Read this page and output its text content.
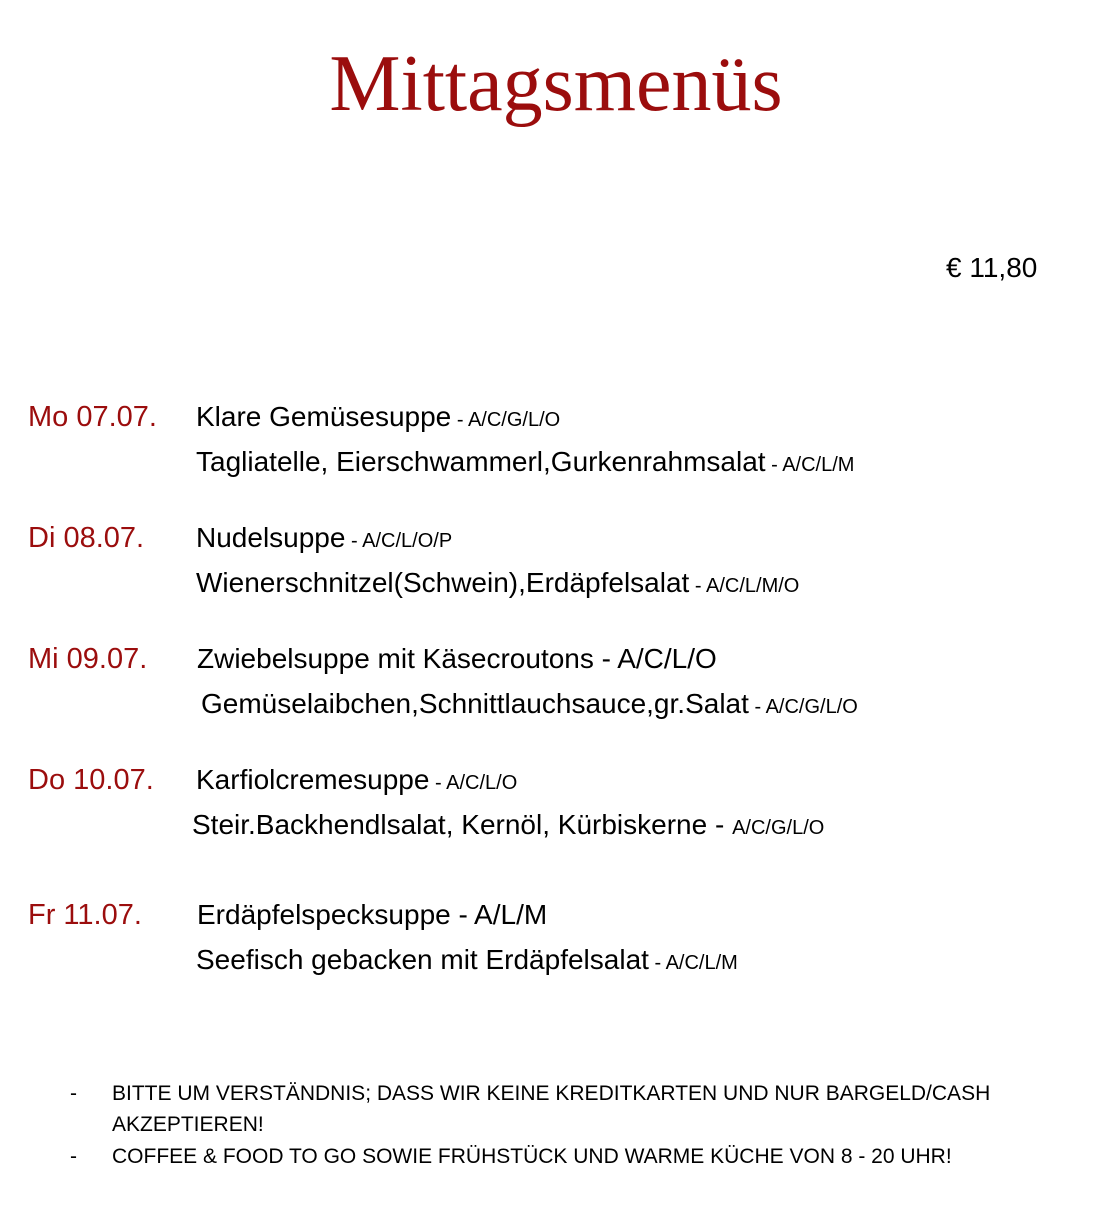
Mittagsmenüs
€ 11,80
Mo 07.07. Klare Gemüsesuppe - A/C/G/L/O
Tagliatelle, Eierschwammerl,Gurkenrahmsalat - A/C/L/M
Di 08.07. Nudelsuppe - A/C/L/O/P
Wienerschnitzel(Schwein),Erdäpfelsalat - A/C/L/M/O
Mi 09.07. Zwiebelsuppe mit Käsecroutons - A/C/L/O
Gemüselaibchen,Schnittlauchsauce,gr.Salat - A/C/G/L/O
Do 10.07. Karfiolcremesuppe - A/C/L/O
Steir.Backhendlsalat, Kernöl, Kürbiskerne - A/C/G/L/O
Fr 11.07. Erdäpfelspecksuppe - A/L/M
Seefisch gebacken mit Erdäpfelsalat - A/C/L/M
- BITTE UM VERSTÄNDNIS; DASS WIR KEINE KREDITKARTEN UND NUR BARGELD/CASH AKZEPTIEREN!
- COFFEE & FOOD TO GO SOWIE FRÜHSTÜCK UND WARME KÜCHE VON 8 - 20 UHR!
